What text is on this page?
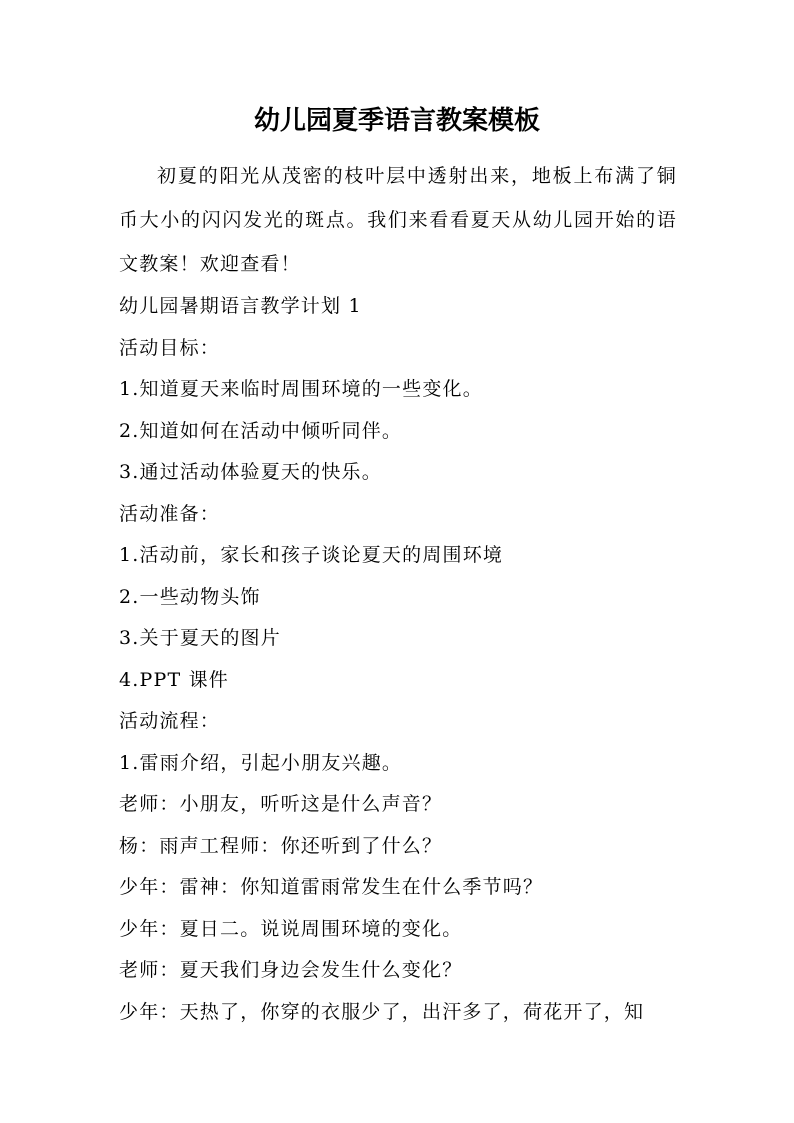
幼儿园夏季语言教案模板

初夏的阳光从茂密的枝叶层中透射出来，地板上布满了铜币大小的闪闪发光的斑点。我们来看看夏天从幼儿园开始的语文教案！欢迎查看！

幼儿园暑期语言教学计划 1

活动目标：

1.知道夏天来临时周围环境的一些变化。

2.知道如何在活动中倾听同伴。

3.通过活动体验夏天的快乐。

活动准备：

1.活动前，家长和孩子谈论夏天的周围环境

2.一些动物头饰

3.关于夏天的图片

4.PPT 课件

活动流程：

1.雷雨介绍，引起小朋友兴趣。

老师：小朋友，听听这是什么声音？

杨：雨声工程师：你还听到了什么？

少年：雷神：你知道雷雨常发生在什么季节吗？

少年：夏日二。说说周围环境的变化。

老师：夏天我们身边会发生什么变化？

少年：天热了，你穿的衣服少了，出汗多了，荷花开了，知
